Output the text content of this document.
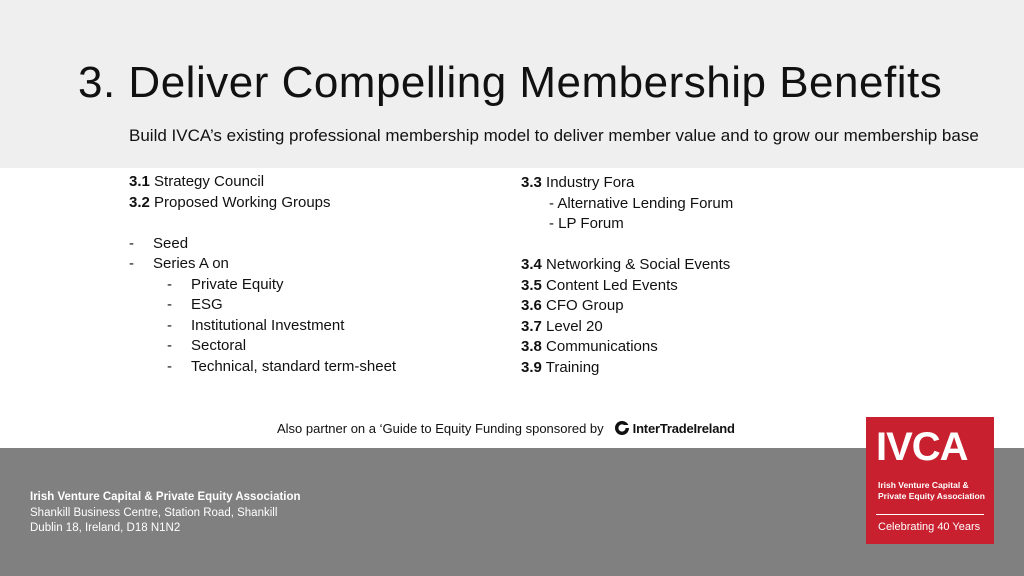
3. Deliver Compelling Membership Benefits
Build IVCA’s existing professional membership model to deliver member value and to grow our membership base
3.1 Strategy Council
3.2 Proposed Working Groups
-	Seed
-	Series A on
-	Private Equity
-	ESG
-	Institutional Investment
-	Sectoral
-	Technical, standard term-sheet
3.3 Industry Fora
- Alternative Lending Forum
- LP Forum
3.4 Networking & Social Events
3.5 Content Led Events
3.6 CFO Group
3.7 Level 20
3.8 Communications
3.9 Training
Also partner on a ‘Guide to Equity Funding sponsored by InterTradeIreland
Irish Venture Capital & Private Equity Association
Shankill Business Centre, Station Road, Shankill
Dublin 18, Ireland, D18 N1N2
IVCA
Irish Venture Capital &
Private Equity Association
Celebrating 40 Years
